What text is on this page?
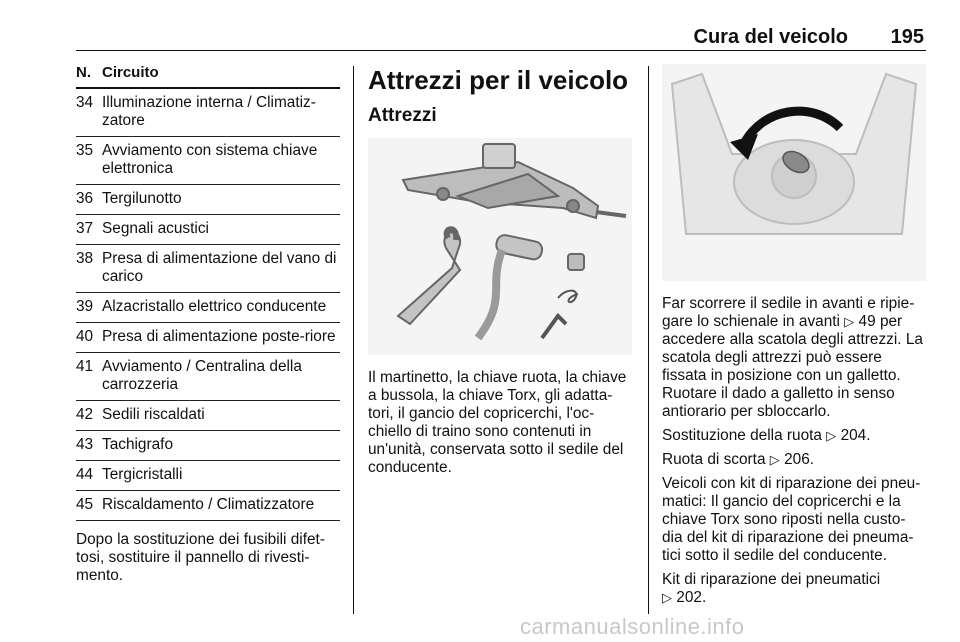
Cura del veicolo 195
N. Circuito
34 Illuminazione interna / Climatiz-zatore
35 Avviamento con sistema chiave elettronica
36 Tergilunotto
37 Segnali acustici
38 Presa di alimentazione del vano di carico
39 Alzacristallo elettrico conducente
40 Presa di alimentazione poste-riore
41 Avviamento / Centralina della carrozzeria
42 Sedili riscaldati
43 Tachigrafo
44 Tergicristalli
45 Riscaldamento / Climatizzatore
Dopo la sostituzione dei fusibili difet-tosi, sostituire il pannello di rivesti-mento.
Attrezzi per il veicolo
Attrezzi
Il martinetto, la chiave ruota, la chiave a bussola, la chiave Torx, gli adatta-tori, il gancio del copricerchi, l'oc-chiello di traino sono contenuti in un'unità, conservata sotto il sedile del conducente.

Far scorrere il sedile in avanti e ripie-gare lo schienale in avanti ▷ 49 per accedere alla scatola degli attrezzi. La scatola degli attrezzi può essere fissata in posizione con un galletto. Ruotare il dado a galletto in senso antiorario per sbloccarlo.

Sostituzione della ruota ▷ 204.

Ruota di scorta ▷ 206.

Veicoli con kit di riparazione dei pneu-matici: Il gancio del copricerchi e la chiave Torx sono riposti nella custo-dia del kit di riparazione dei pneuma-tici sotto il sedile del conducente.

Kit di riparazione dei pneumatici
▷ 202.

carmanualsonline.info
